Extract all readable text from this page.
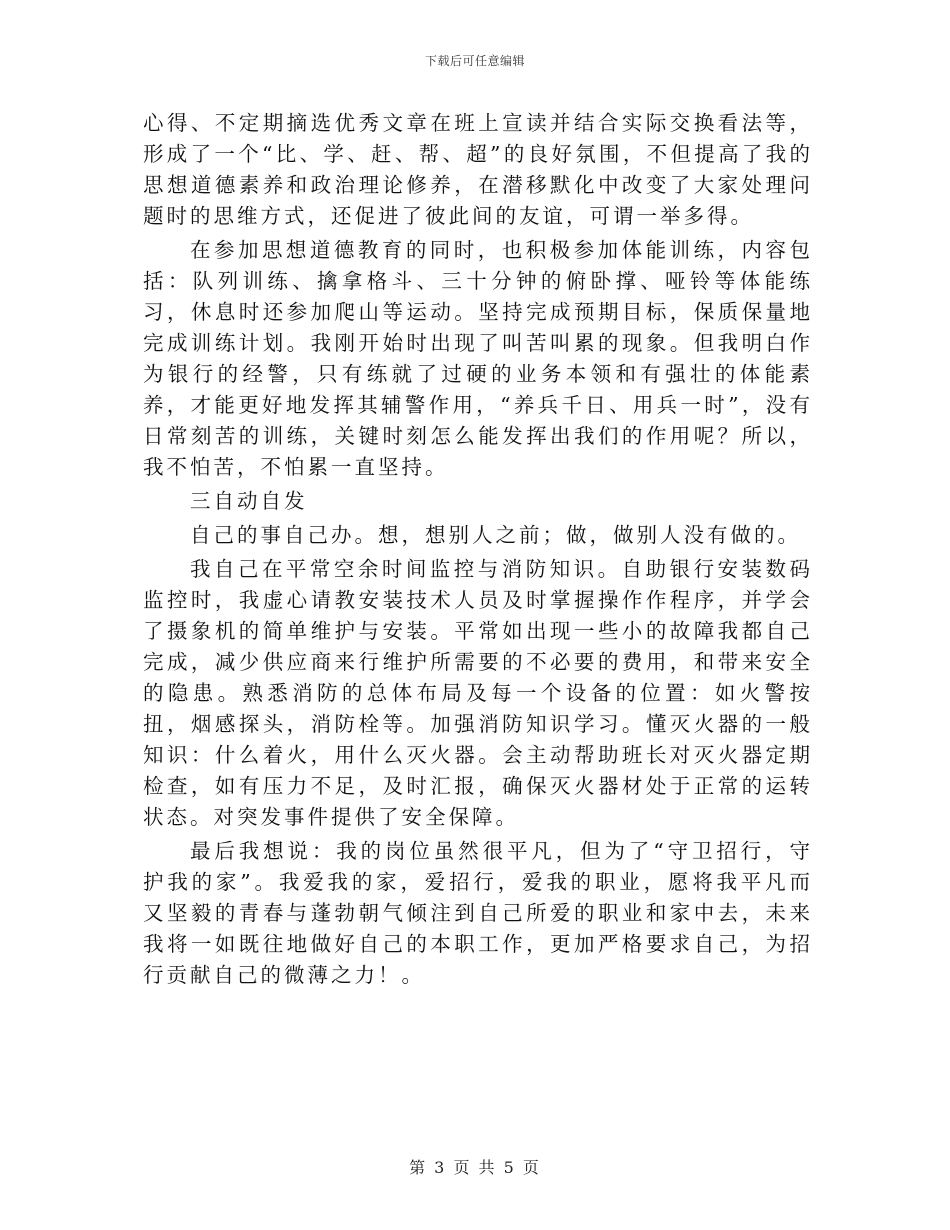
下载后可任意编辑

心得、不定期摘选优秀文章在班上宣读并结合实际交换看法等，形成了一个“比、学、赶、帮、超”的良好氛围，不但提高了我的思想道德素养和政治理论修养，在潜移默化中改变了大家处理问题时的思维方式，还促进了彼此间的友谊，可谓一举多得。

在参加思想道德教育的同时，也积极参加体能训练，内容包括：队列训练、擒拿格斗、三十分钟的俯卧撑、哑铃等体能练习，休息时还参加爬山等运动。坚持完成预期目标，保质保量地完成训练计划。我刚开始时出现了叫苦叫累的现象。但我明白作为银行的经警，只有练就了过硬的业务本领和有强壮的体能素养，才能更好地发挥其辅警作用，“养兵千日、用兵一时”，没有日常刻苦的训练，关键时刻怎么能发挥出我们的作用呢？所以，我不怕苦，不怕累一直坚持。

三自动自发

自己的事自己办。想，想别人之前；做，做别人没有做的。

我自己在平常空余时间监控与消防知识。自助银行安装数码监控时，我虚心请教安装技术人员及时掌握操作作程序，并学会了摄象机的简单维护与安装。平常如出现一些小的故障我都自己完成，减少供应商来行维护所需要的不必要的费用，和带来安全的隐患。熟悉消防的总体布局及每一个设备的位置：如火警按扭，烟感探头，消防栓等。加强消防知识学习。懂灭火器的一般知识：什么着火，用什么灭火器。会主动帮助班长对灭火器定期检查，如有压力不足，及时汇报，确保灭火器材处于正常的运转状态。对突发事件提供了安全保障。

最后我想说：我的岗位虽然很平凡，但为了“守卫招行，守护我的家”。我爱我的家，爱招行，爱我的职业，愿将我平凡而又坚毅的青春与蓬勃朝气倾注到自己所爱的职业和家中去，未来我将一如既往地做好自己的本职工作，更加严格要求自己，为招行贡献自己的微薄之力！。

第 3 页 共 5 页
